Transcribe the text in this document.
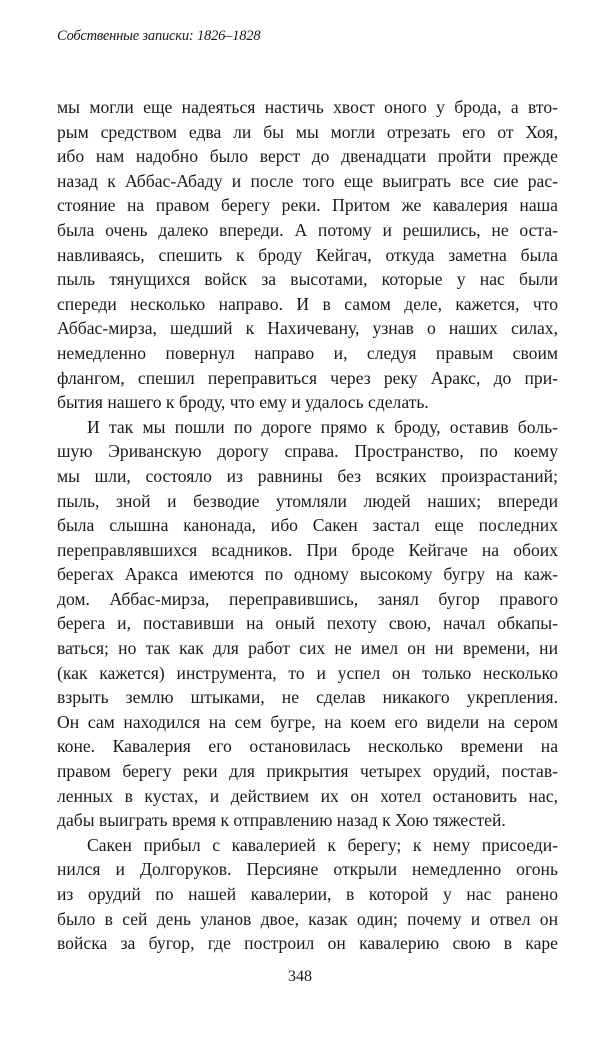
Собственные записки: 1826–1828
мы могли еще надеяться настичь хвост оного у брода, а вто-
рым средством едва ли бы мы могли отрезать его от Хоя,
ибо нам надобно было верст до двенадцати пройти прежде
назад к Аббас-Абаду и после того еще выиграть все сие рас-
стояние на правом берегу реки. Притом же кавалерия наша
была очень далеко впереди. А потому и решились, не оста-
навливаясь, спешить к броду Кейгач, откуда заметна была
пыль тянущихся войск за высотами, которые у нас были
спереди несколько направо. И в самом деле, кажется, что
Аббас-мирза, шедший к Нахичевану, узнав о наших силах,
немедленно повернул направо и, следуя правым своим
флангом, спешил переправиться через реку Аракс, до при-
бытия нашего к броду, что ему и удалось сделать.
И так мы пошли по дороге прямо к броду, оставив боль-
шую Эриванскую дорогу справа. Пространство, по коему
мы шли, состояло из равнины без всяких произрастаний;
пыль, зной и безводие утомляли людей наших; впереди
была слышна канонада, ибо Сакен застал еще последних
переправлявшихся всадников. При броде Кейгаче на обоих
берегах Аракса имеются по одному высокому бугру на каж-
дом. Аббас-мирза, переправившись, занял бугор правого
берега и, поставивши на оный пехоту свою, начал обкапы-
ваться; но так как для работ сих не имел он ни времени, ни
(как кажется) инструмента, то и успел он только несколько
взрыть землю штыками, не сделав никакого укрепления.
Он сам находился на сем бугре, на коем его видели на сером
коне. Кавалерия его остановилась несколько времени на
правом берегу реки для прикрытия четырех орудий, постав-
ленных в кустах, и действием их он хотел остановить нас,
дабы выиграть время к отправлению назад к Хою тяжестей.
Сакен прибыл с кавалерией к берегу; к нему присоеди-
нился и Долгоруков. Персияне открыли немедленно огонь
из орудий по нашей кавалерии, в которой у нас ранено
было в сей день уланов двое, казак один; почему и отвел он
войска за бугор, где построил он кавалерию свою в каре
348
